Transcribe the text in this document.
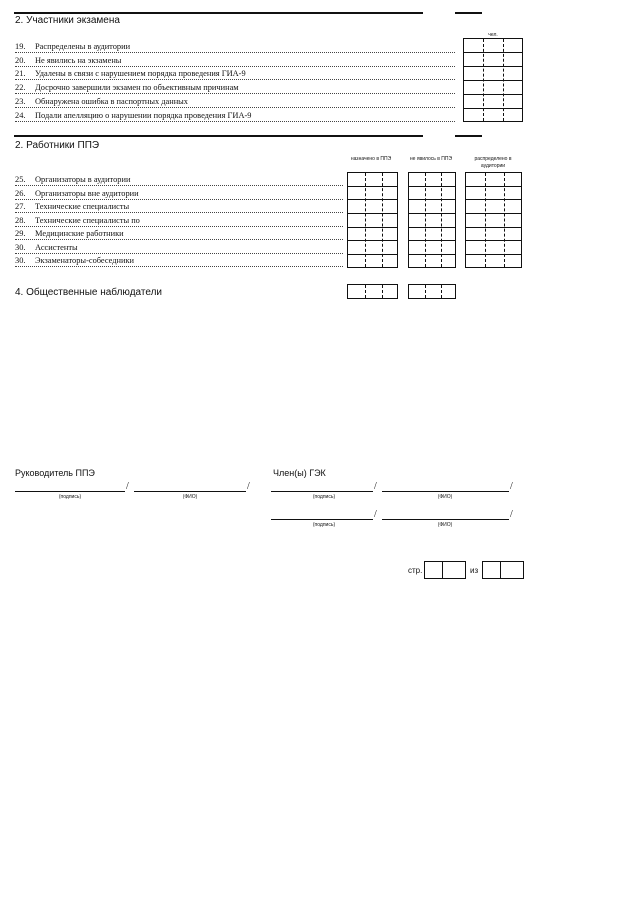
2. Участники экзамена
чел.
19. Распределены в аудитории
20. Не явились на экзамены
21. Удалены в связи с нарушением порядка проведения ГИА-9
22. Досрочно завершили экзамен по объективным причинам
23. Обнаружена ошибка в паспортных данных
24. Подали апелляцию о нарушении порядка проведения ГИА-9
2. Работники ППЭ
назначено в ППЭ	не явилось в ППЭ	распределено в аудитории
25. Организаторы в аудитории
26. Организаторы вне аудитории
27. Технические специалисты
28. Технические специалисты по
29. Медицинские работники
30. Ассистенты
30. Экзаменаторы-собеседники
4. Общественные наблюдатели
Руководитель ППЭ
/	/
(подпись)	(ФИО)
Член(ы) ГЭК
/	/
(подпись)	(ФИО)
/	/
(подпись)	(ФИО)
стр.	из
